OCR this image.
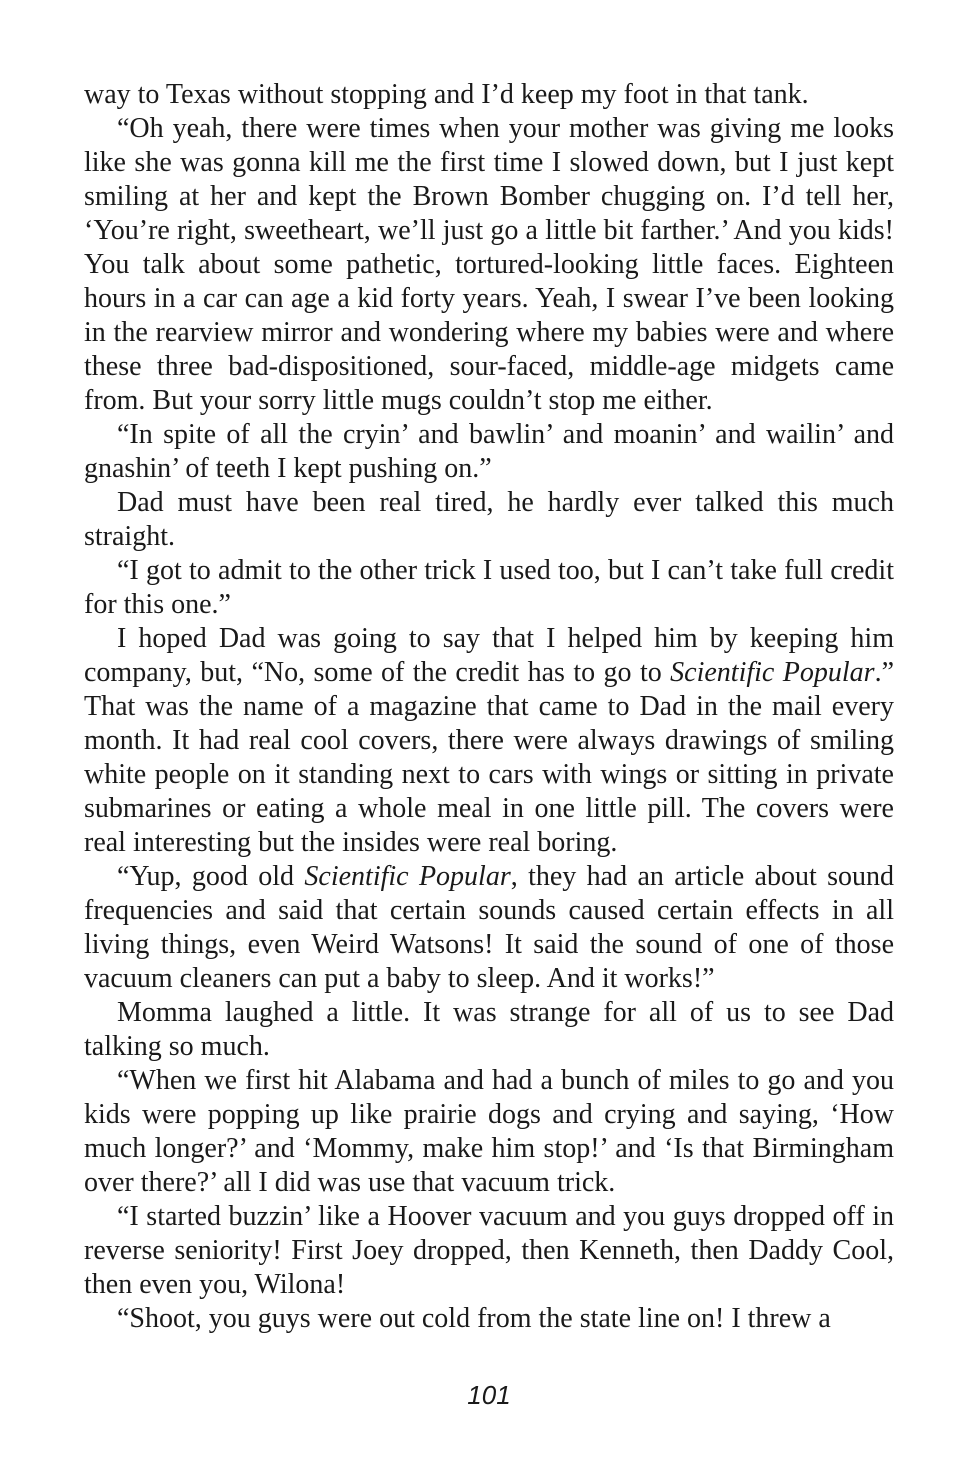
way to Texas without stopping and I’d keep my foot in that tank.

“Oh yeah, there were times when your mother was giving me looks like she was gonna kill me the first time I slowed down, but I just kept smiling at her and kept the Brown Bomber chugging on. I’d tell her, ‘You’re right, sweetheart, we’ll just go a little bit farther.’ And you kids! You talk about some pathetic, tortured-looking little faces. Eighteen hours in a car can age a kid forty years. Yeah, I swear I’ve been looking in the rearview mirror and wondering where my babies were and where these three bad-dispositioned, sour-faced, middle-age midgets came from. But your sorry little mugs couldn’t stop me either.

“In spite of all the cryin’ and bawlin’ and moanin’ and wailin’ and gnashin’ of teeth I kept pushing on.”

Dad must have been real tired, he hardly ever talked this much straight.

“I got to admit to the other trick I used too, but I can’t take full credit for this one.”

I hoped Dad was going to say that I helped him by keeping him company, but, “No, some of the credit has to go to Scientific Popular.” That was the name of a magazine that came to Dad in the mail every month. It had real cool covers, there were always drawings of smiling white people on it standing next to cars with wings or sitting in private submarines or eating a whole meal in one little pill. The covers were real interesting but the insides were real boring.

“Yup, good old Scientific Popular, they had an article about sound frequencies and said that certain sounds caused certain effects in all living things, even Weird Watsons! It said the sound of one of those vacuum cleaners can put a baby to sleep. And it works!”

Momma laughed a little. It was strange for all of us to see Dad talking so much.

“When we first hit Alabama and had a bunch of miles to go and you kids were popping up like prairie dogs and crying and saying, ‘How much longer?’ and ‘Mommy, make him stop!’ and ‘Is that Birmingham over there?’ all I did was use that vacuum trick.

“I started buzzin’ like a Hoover vacuum and you guys dropped off in reverse seniority! First Joey dropped, then Kenneth, then Daddy Cool, then even you, Wilona!

“Shoot, you guys were out cold from the state line on! I threw a

101
